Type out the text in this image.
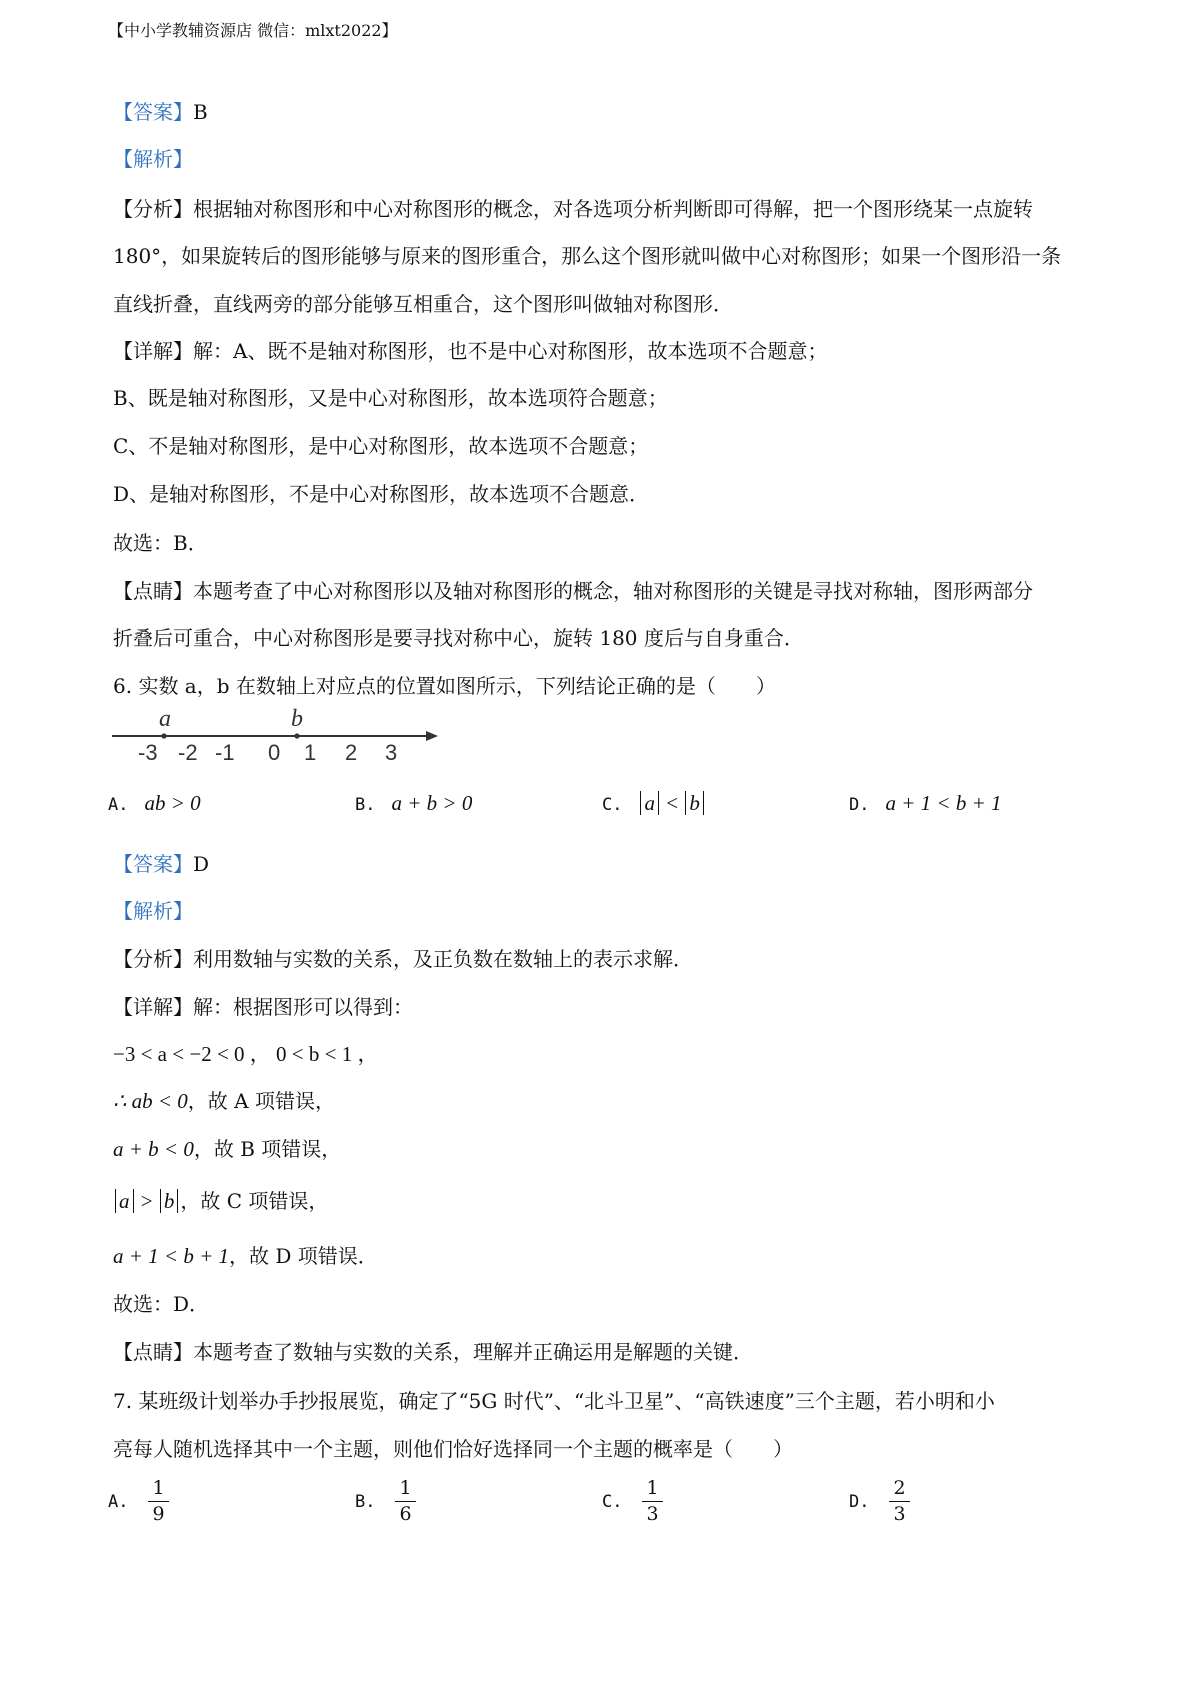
【中小学教辅资源店 微信：mlxt2022】
【答案】B
【解析】
【分析】根据轴对称图形和中心对称图形的概念，对各选项分析判断即可得解，把一个图形绕某一点旋转
180°，如果旋转后的图形能够与原来的图形重合，那么这个图形就叫做中心对称图形；如果一个图形沿一条
直线折叠，直线两旁的部分能够互相重合，这个图形叫做轴对称图形．
【详解】解：A、既不是轴对称图形，也不是中心对称图形，故本选项不合题意；
B、既是轴对称图形，又是中心对称图形，故本选项符合题意；
C、不是轴对称图形，是中心对称图形，故本选项不合题意；
D、是轴对称图形，不是中心对称图形，故本选项不合题意．
故选：B．
【点睛】本题考查了中心对称图形以及轴对称图形的概念，轴对称图形的关键是寻找对称轴，图形两部分
折叠后可重合，中心对称图形是要寻找对称中心，旋转 180 度后与自身重合．
6. 实数 a，b 在数轴上对应点的位置如图所示，下列结论正确的是（　　）
a	b
-3 -2 -1 0 1 2 3
A. ab > 0	B. a + b > 0	C. a < b	D. a + 1 < b + 1
【答案】D
【解析】
【分析】利用数轴与实数的关系，及正负数在数轴上的表示求解．
【详解】解：根据图形可以得到：
−3 < a < −2 < 0 ， 0 < b < 1 ，
∴ ab < 0，故 A 项错误，
a + b < 0，故 B 项错误，
a > b ，故 C 项错误，
a + 1 < b + 1，故 D 项错误．
故选：D．
【点睛】本题考查了数轴与实数的关系，理解并正确运用是解题的关键．
7. 某班级计划举办手抄报展览，确定了“5G 时代”、“北斗卫星”、“高铁速度”三个主题，若小明和小
亮每人随机选择其中一个主题，则他们恰好选择同一个主题的概率是（　　）
A. $\frac{1}{9}$	B. $\frac{1}{6}$	C. $\frac{1}{3}$	D. $\frac{2}{3}$
